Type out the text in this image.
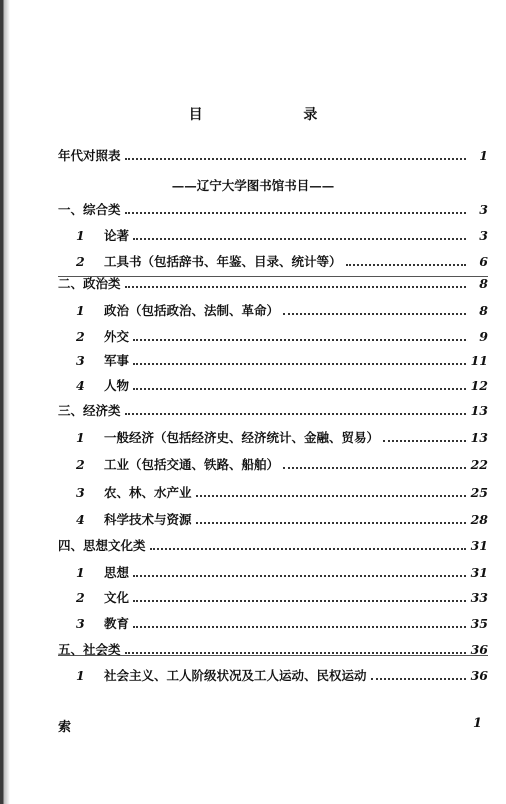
目 录
年代对照表	1
——辽宁大学图书馆书目——
一、综合类	3
1	论著	3
2	工具书（包括辞书、年鉴、目录、统计等）	6
二、政治类	8
1	政治（包括政治、法制、革命）	8
2	外交	9
3	军事	11
4	人物	12
三、经济类	13
1	一般经济（包括经济史、经济统计、金融、贸易）	13
2	工业（包括交通、铁路、船舶）	22
3	农、林、水产业	25
4	科学技术与资源	28
四、思想文化类	31
1	思想	31
2	文化	33
3	教育	35
五、社会类	36
1	社会主义、工人阶级状况及工人运动、民权运动	36
索	1
